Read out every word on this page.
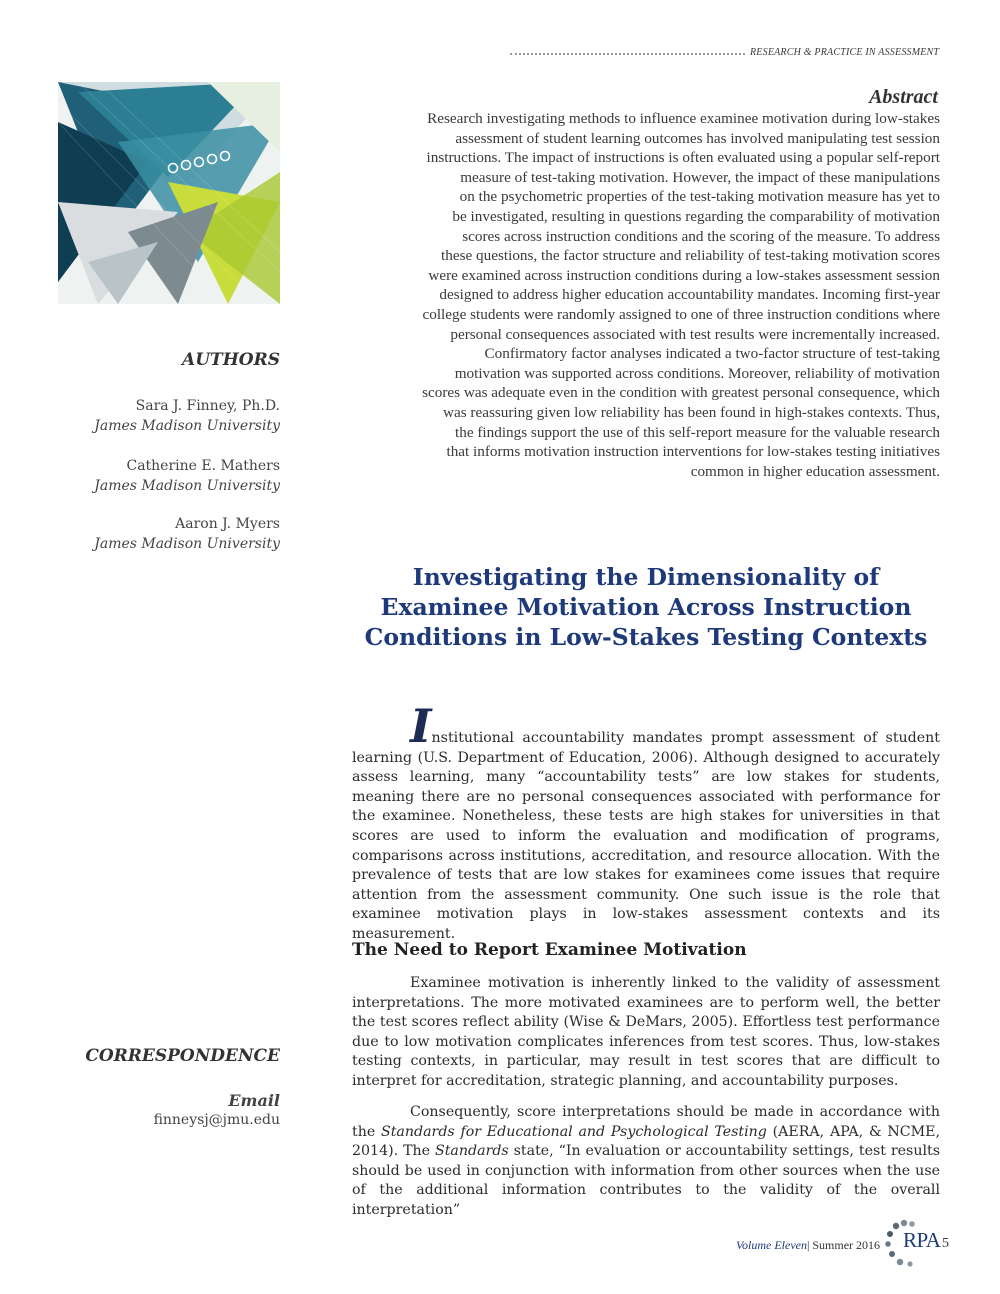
RESEARCH & PRACTICE IN ASSESSMENT
Abstract

Research investigating methods to influence examinee motivation during low-stakes

assessment of student learning outcomes has involved manipulating test session

instructions. The impact of instructions is often evaluated using a popular self-report

measure of test-taking motivation. However, the impact of these manipulations

on the psychometric properties of the test-taking motivation measure has yet to

be investigated, resulting in questions regarding the comparability of motivation

scores across instruction conditions and the scoring of the measure. To address

these questions, the factor structure and reliability of test-taking motivation scores

were examined across instruction conditions during a low-stakes assessment session

designed to address higher education accountability mandates. Incoming first-year

college students were randomly assigned to one of three instruction conditions where

personal consequences associated with test results were incrementally increased.

Confirmatory factor analyses indicated a two-factor structure of test-taking

motivation was supported across conditions. Moreover, reliability of motivation

scores was adequate even in the condition with greatest personal consequence, which

was reassuring given low reliability has been found in high-stakes contexts. Thus,

the findings support the use of this self-report measure for the valuable research

that informs motivation instruction interventions for low-stakes testing initiatives

common in higher education assessment.

AUTHORS
Sara J. Finney, Ph.D.
James Madison University
Catherine E. Mathers
James Madison University
Aaron J. Myers
James Madison University
CORRESPONDENCE
Email
finneysj@jmu.edu
Investigating the Dimensionality of
Examinee Motivation Across Instruction
Conditions in Low-Stakes Testing Contexts

Institutional accountability mandates prompt assessment of student learning (U.S. Department of Education, 2006). Although designed to accurately assess learning, many “accountability tests” are low stakes for students, meaning there are no personal consequences associated with performance for the examinee. Nonetheless, these tests are high stakes for universities in that scores are used to inform the evaluation and modification of programs, comparisons across institutions, accreditation, and resource allocation. With the prevalence of tests that are low stakes for examinees come issues that require attention from the assessment community. One such issue is the role that examinee motivation plays in low-stakes assessment contexts and its measurement.

The Need to Report Examinee Motivation

Examinee motivation is inherently linked to the validity of assessment interpretations. The more motivated examinees are to perform well, the better the test scores reflect ability (Wise & DeMars, 2005). Effortless test performance due to low motivation complicates inferences from test scores. Thus, low-stakes testing contexts, in particular, may result in test scores that are difficult to interpret for accreditation, strategic planning, and accountability purposes.

Consequently, score interpretations should be made in accordance with the Standards for Educational and Psychological Testing (AERA, APA, & NCME, 2014). The Standards state, “In evaluation or accountability settings, test results should be used in conjunction with information from other sources when the use of the additional information contributes to the validity of the overall interpretation”

Volume Eleven| Summer 2016 RPA 5
